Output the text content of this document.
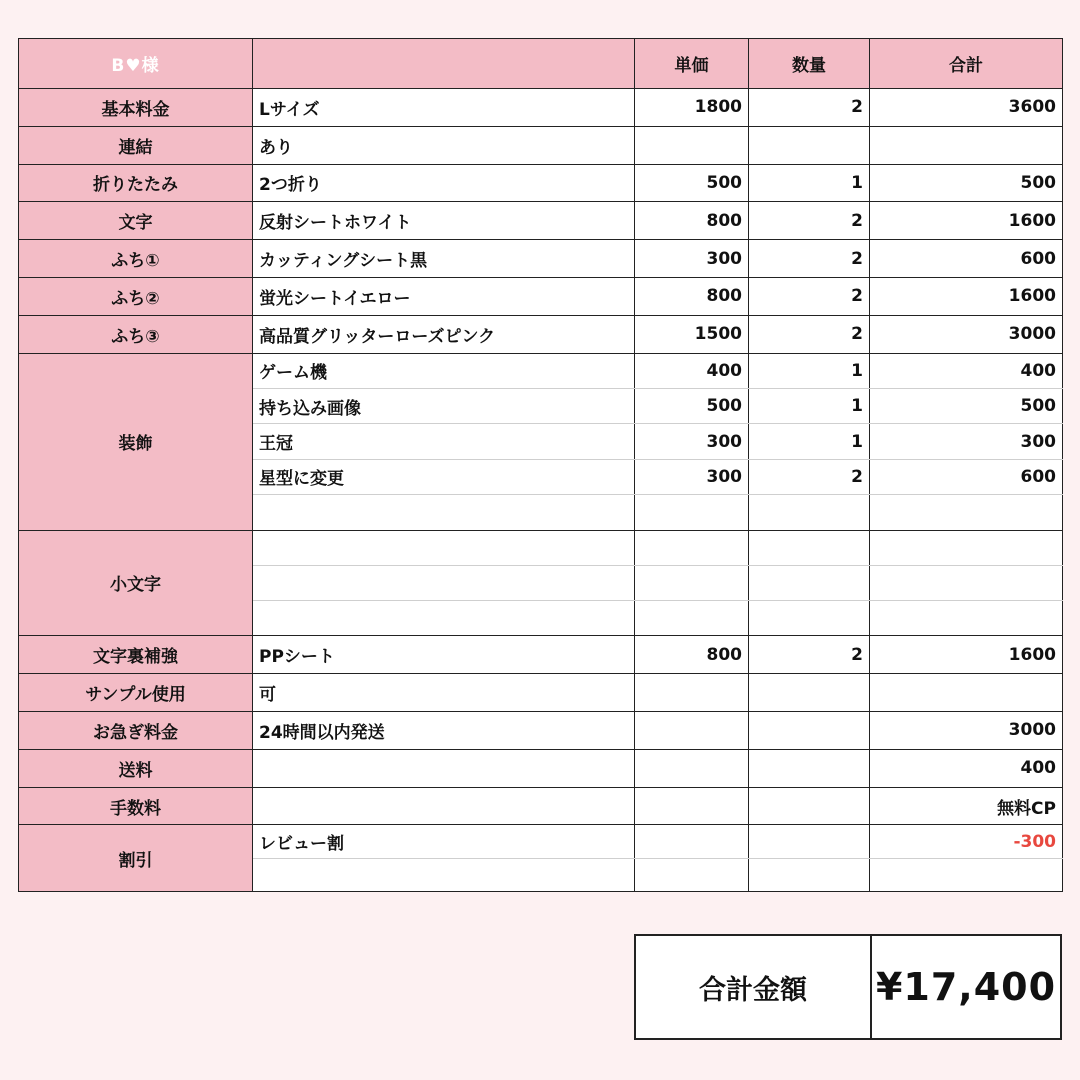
B♥様		単価	数量	合計
基本料金	Lサイズ	1800	2	3600
連結	あり			
折りたたみ	2つ折り	500	1	500
文字	反射シートホワイト	800	2	1600
ふち①	カッティングシート黒	300	2	600
ふち②	蛍光シートイエロー	800	2	1600
ふち③	高品質グリッターローズピンク	1500	2	3000
装飾	ゲーム機	400	1	400
	持ち込み画像	500	1	500
	王冠	300	1	300
	星型に変更	300	2	600

小文字				

文字裏補強	PPシート	800	2	1600
サンプル使用	可			
お急ぎ料金	24時間以内発送			3000
送料				400
手数料				無料CP
割引	レビュー割			-300

合計金額	¥17,400
